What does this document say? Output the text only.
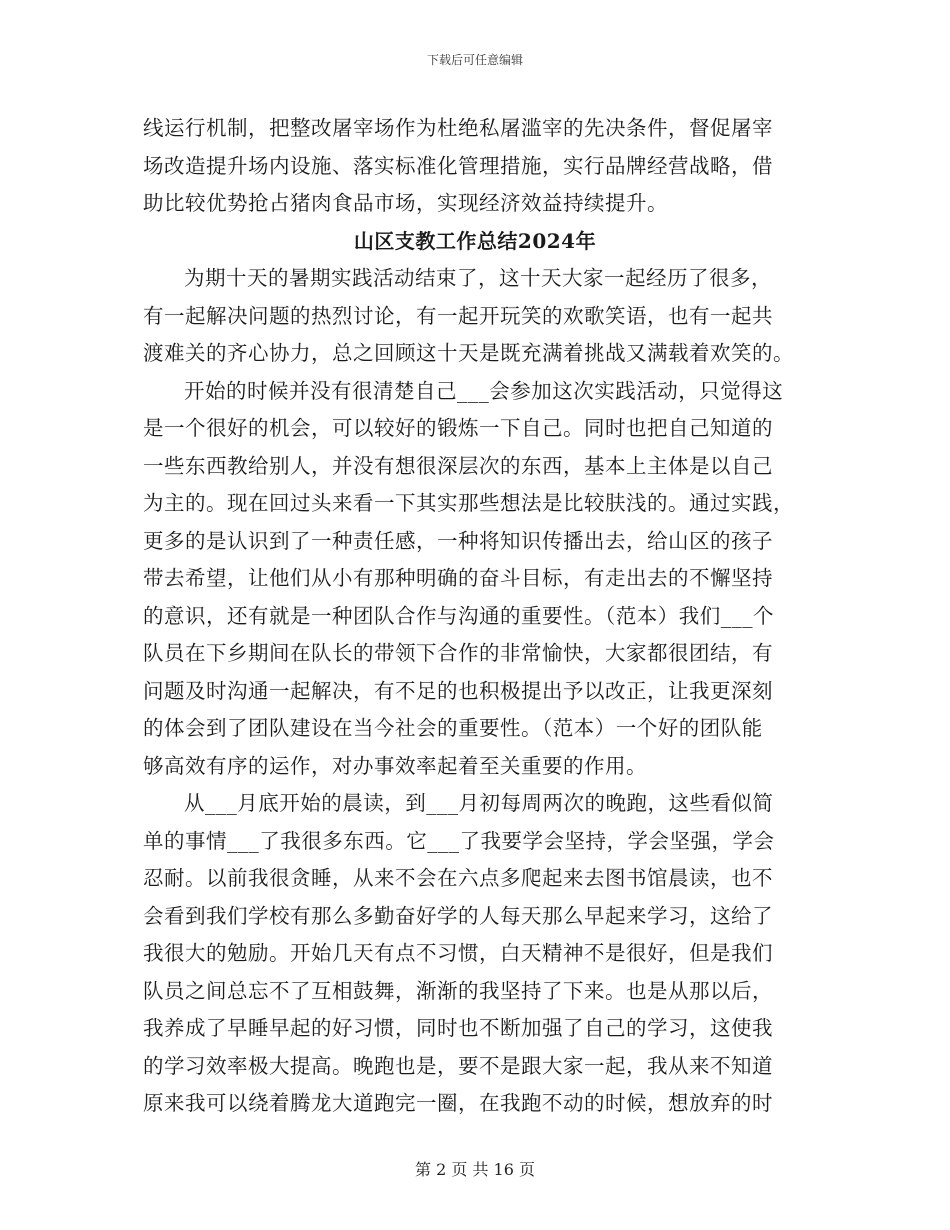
下载后可任意编辑
线运行机制，把整改屠宰场作为杜绝私屠滥宰的先决条件，督促屠宰
场改造提升场内设施、落实标准化管理措施，实行品牌经营战略，借
助比较优势抢占猪肉食品市场，实现经济效益持续提升。
山区支教工作总结2024年
为期十天的暑期实践活动结束了，这十天大家一起经历了很多，
有一起解决问题的热烈讨论，有一起开玩笑的欢歌笑语，也有一起共
渡难关的齐心协力，总之回顾这十天是既充满着挑战又满载着欢笑的。
开始的时候并没有很清楚自己___会参加这次实践活动，只觉得这
是一个很好的机会，可以较好的锻炼一下自己。同时也把自己知道的
一些东西教给别人，并没有想很深层次的东西，基本上主体是以自己
为主的。现在回过头来看一下其实那些想法是比较肤浅的。通过实践，
更多的是认识到了一种责任感，一种将知识传播出去，给山区的孩子
带去希望，让他们从小有那种明确的奋斗目标，有走出去的不懈坚持
的意识，还有就是一种团队合作与沟通的重要性。（范本）我们___个
队员在下乡期间在队长的带领下合作的非常愉快，大家都很团结，有
问题及时沟通一起解决，有不足的也积极提出予以改正，让我更深刻
的体会到了团队建设在当今社会的重要性。（范本）一个好的团队能
够高效有序的运作，对办事效率起着至关重要的作用。
从___月底开始的晨读，到___月初每周两次的晚跑，这些看似简
单的事情___了我很多东西。它___了我要学会坚持，学会坚强，学会
忍耐。以前我很贪睡，从来不会在六点多爬起来去图书馆晨读，也不
会看到我们学校有那么多勤奋好学的人每天那么早起来学习，这给了
我很大的勉励。开始几天有点不习惯，白天精神不是很好，但是我们
队员之间总忘不了互相鼓舞，渐渐的我坚持了下来。也是从那以后，
我养成了早睡早起的好习惯，同时也不断加强了自己的学习，这使我
的学习效率极大提高。晚跑也是，要不是跟大家一起，我从来不知道
原来我可以绕着腾龙大道跑完一圈，在我跑不动的时候，想放弃的时
第 2 页 共 16 页
